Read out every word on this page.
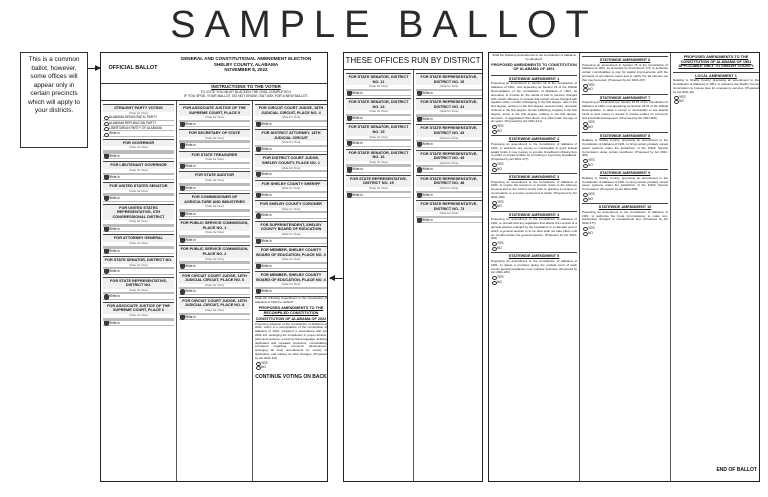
SAMPLE BALLOT
This is a common ballot, however, some offices will appear only in certain precincts which will apply to your districts.
OFFICIAL BALLOT
GENERAL AND CONSTITUTIONAL AMENDMENT ELECTION
SHELBY COUNTY, ALABAMA
NOVEMBER 8, 2022
INSTRUCTIONS TO THE VOTER
TO VOTE YOU MUST BLACKEN THE OVAL COMPLETELY
IF YOU SPOIL YOUR BALLOT, DO NOT ERASE, BUT ASK FOR A NEW BALLOT.
STRAIGHT PARTY VOTING
(Vote for One)
ALABAMA DEMOCRATIC PARTY
ALABAMA REPUBLICAN PARTY
LIBERTARIAN PARTY OF ALABAMA
Write-in
FOR GOVERNOR
(Vote for One)
Write-in
FOR LIEUTENANT GOVERNOR
(Vote for One)
Write-in
FOR UNITED STATES SENATOR
(Vote for One)
Write-in
FOR UNITED STATES REPRESENTATIVE, 6TH CONGRESSIONAL DISTRICT
(Vote for One)
Write-in
FOR ATTORNEY GENERAL
(Vote for One)
Write-in
FOR STATE SENATOR, DISTRICT NO.
(Vote for One)
Write-in
FOR STATE REPRESENTATIVE, DISTRICT NO.
(Vote for One)
Write-in
FOR ASSOCIATE JUSTICE OF THE SUPREME COURT, PLACE 6
(Vote for One)
Write-in
FOR ASSOCIATE JUSTICE OF THE SUPREME COURT, PLACE 5
(Vote for One)
Write-in
FOR SECRETARY OF STATE
(Vote for One)
Write-in
FOR STATE TREASURER
(Vote for One)
Write-in
FOR STATE AUDITOR
(Vote for One)
Write-in
FOR COMMISSIONER OF AGRICULTURE AND INDUSTRIES
(Vote for One)
Write-in
FOR PUBLIC SERVICE COMMISSION, PLACE NO. 1
(Vote for One)
Write-in
FOR PUBLIC SERVICE COMMISSION, PLACE NO. 2
(Vote for One)
Write-in
FOR CIRCUIT COURT JUDGE, 18TH JUDICIAL CIRCUIT, PLACE NO. 6
(Vote for One)
Write-in
FOR CIRCUIT COURT JUDGE, 18TH JUDICIAL CIRCUIT, PLACE NO. 8
(Vote for One)
Write-in
FOR CIRCUIT COURT JUDGE, 18TH JUDICIAL CIRCUIT, PLACE NO. 4
(Vote for One)
Write-in
FOR DISTRICT ATTORNEY, 18TH JUDICIAL CIRCUIT
(Vote for One)
Write-in
FOR DISTRICT COURT JUDGE, SHELBY COUNTY, PLACE NO. 1
(Vote for One)
Write-in
FOR SHELBY COUNTY SHERIFF
(Vote for One)
Write-in
FOR SHELBY COUNTY CORONER
(Vote for One)
Write-in
FOR SUPERINTENDENT, SHELBY COUNTY BOARD OF EDUCATION
(Vote for One)
Write-in
FOR MEMBER, SHELBY COUNTY BOARD OF EDUCATION, PLACE NO. 3
(Vote for One)
Write-in
FOR MEMBER, SHELBY COUNTY BOARD OF EDUCATION, PLACE NO. 4
(Vote for One)
Write-in
Shall the following Amendment to the Constitution of Alabama of 1901 be ratified?
PROPOSED AMENDMENTS TO THE RECOMPILED CONSTITUTION
CONSTITUTION OF ALABAMA OF 2022
Proposing adoption of the Constitution of Alabama of 2022, which is a recompilation of the Constitution of Alabama of 1901, prepared in accordance with Act 2021-111, arranging the constitution in proper articles, parts and sections, removing racist language, deleting duplicated and repealed provisions, consolidating provisions regarding economic development, arranging all local amendments by county of application, and making no other changes. (Proposed by Act 2021-111)
YES
NO
CONTINUE VOTING ON BACK
THESE OFFICES RUN BY DISTRICT
FOR STATE SENATOR, DISTRICT NO. 11
(Vote for One)
Write-in
FOR STATE SENATOR, DISTRICT NO. 14
(Vote for One)
Write-in
FOR STATE SENATOR, DISTRICT NO. 15
(Vote for One)
Write-in
FOR STATE SENATOR, DISTRICT NO. 16
(Vote for One)
Write-in
FOR STATE REPRESENTATIVE, DISTRICT NO. 15
(Vote for One)
Write-in
FOR STATE REPRESENTATIVE, DISTRICT NO. 15
(Vote for One)
Write-in
FOR STATE REPRESENTATIVE, DISTRICT NO. 41
(Vote for One)
Write-in
FOR STATE REPRESENTATIVE, DISTRICT NO. 43
(Vote for One)
Write-in
FOR STATE REPRESENTATIVE, DISTRICT NO. 45
(Vote for One)
Write-in
FOR STATE REPRESENTATIVE, DISTRICT NO. 48
(Vote for One)
Write-in
FOR STATE REPRESENTATIVE, DISTRICT NO. 73
(Vote for One)
Write-in
Shall the following Amendments to the Constitution of Alabama be adopted?
PROPOSED AMENDMENTS TO CONSTITUTION OF ALABAMA OF 1901
STATEWIDE AMENDMENT 1
Proposing an amendment to Section 16 of the Constitution of Alabama of 1901, now appearing as Section 16 of the Official Recompilation of the Constitution of Alabama of 1901, as amended, to provide for the denial of bail to persons charged with certain offenses; to provide that certain crimes charged with capital murder, murder, kidnapping in the first degree, rape in the first degree, sodomy in the first degree, sexual torture, domestic violence in the first degree, human trafficking, burglary in the first degree, arson in the first degree, robbery in the first degree, terrorism, or aggravated child abuse of a child under the age of six years. (Proposed by Act 2021-131)
YES
NO
STATEWIDE AMENDMENT 2
Proposing an amendment to the Constitution of Alabama of 1901, to authorize any county or municipality to grant federal award funds it may receive to provide broadband infrastructure to public or private entities for providing or improving broadband. (Proposed by Act 2021-177)
YES
NO
STATEWIDE AMENDMENT 3
Proposing an amendment to the Constitution of Alabama of 1901, to require the Governor to provide notice to the Attorney General and to the victim's family prior to granting a reprieve or commutation to a person sentenced to death. (Proposed by Act 2021-180)
YES
NO
STATEWIDE AMENDMENT 4
Proposing an amendment to the Constitution of Alabama of 1901, to provide that any legislation that affects the conduct of a general election enacted by the Legislature in a calendar year in which a general election is to be held shall not take effect until six months before the general election. (Proposed by Act 2021-202)
YES
NO
STATEWIDE AMENDMENT 5
Proposing an amendment to the Constitution of Alabama of 1901, to delete a provision giving the probate court of each county general jurisdiction over orphans' business. (Proposed by Act 2021-226)
YES
NO
STATEWIDE AMENDMENT 6
Proposing an amendment to Section 76 of the Constitution of Alabama of 1901, as amended by Amendment 773, to authorize certain municipalities to pay for capital improvements with the proceeds of ad valorem taxes and to clarify the ad valorem tax that may be levied. (Proposed by Act 2021-207)
YES
NO
STATEWIDE AMENDMENT 7
Proposing an amendment to Section 94.01 of the Constitution of Alabama of 1901, now appearing as Section 94.01 of the Official Recompilation, to allow a county or municipality to use federal funds to lend money or donate to private entities for economic and industrial development. (Proposed by Act 2021-209)
YES
NO
STATEWIDE AMENDMENT 8
Relating to Shelby County, proposing an amendment to the Constitution of Alabama of 1901, to bring certain privately owned sewer systems under the jurisdiction of the Public Service Commission under certain conditions. (Proposed by Act 2021-305)
YES
NO
STATEWIDE AMENDMENT 9
Relating to Shelby County, proposing an amendment to the Constitution of Alabama of 1901, to bring certain privately owned sewer systems under the jurisdiction of the Public Service Commission. (Proposed by Act 2022-288)
YES
NO
STATEWIDE AMENDMENT 10
Proposing an amendment to the Constitution of Alabama of 1901, to authorize the Code Commissioner to make non-substantive changes to constitutional text. (Proposed by Act 2022-177)
YES
NO
PROPOSED AMENDMENTS TO THE CONSTITUTION OF ALABAMA OF 1901 APPLICABLE ONLY TO SHELBY COUNTY
LOCAL AMENDMENT 1
Relating to Shelby County, proposing an amendment to the Constitution of Alabama of 1901, to authorize the Shelby County Commission to impose fees for emergency services. (Proposed by Act 2021-36)
YES
NO
END OF BALLOT
